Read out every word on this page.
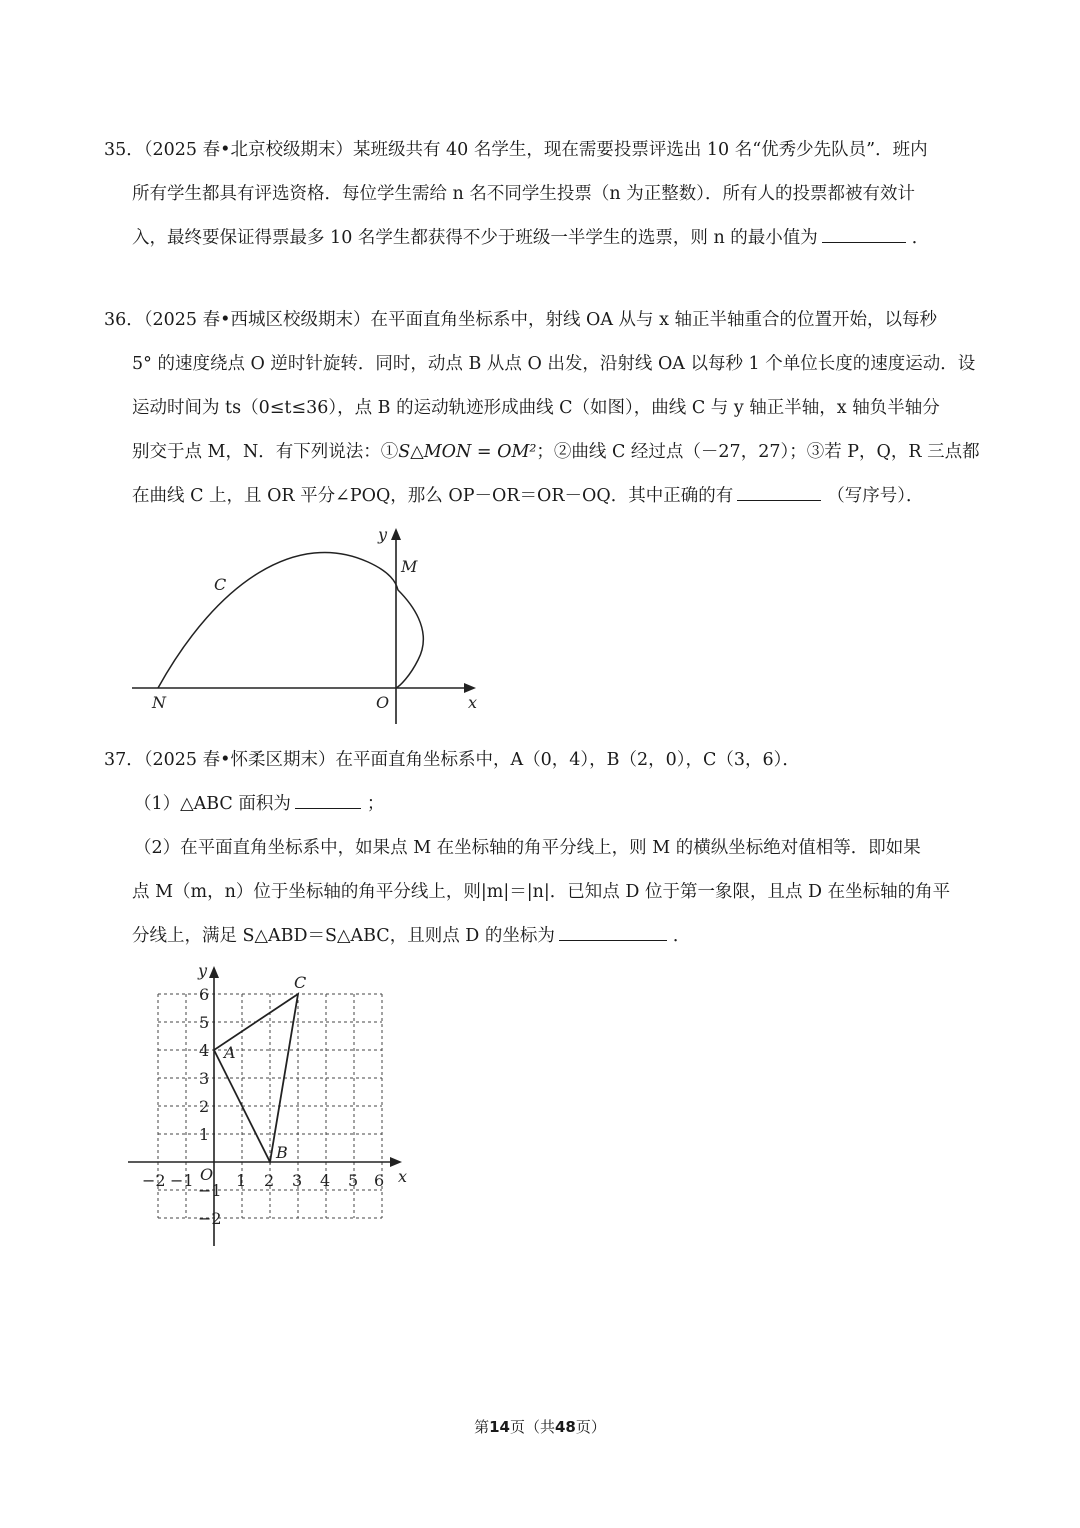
35．（2025 春•北京校级期末）某班级共有 40 名学生，现在需要投票评选出 10 名“优秀少先队员”．班内
所有学生都具有评选资格．每位学生需给 n 名不同学生投票（n 为正整数）．所有人的投票都被有效计
入，最终要保证得票最多 10 名学生都获得不少于班级一半学生的选票，则 n 的最小值为	．
36．（2025 春•西城区校级期末）在平面直角坐标系中，射线 OA 从与 x 轴正半轴重合的位置开始，以每秒
5° 的速度绕点 O 逆时针旋转．同时，动点 B 从点 O 出发，沿射线 OA 以每秒 1 个单位长度的速度运动．设
运动时间为 ts（0≤t≤36），点 B 的运动轨迹形成曲线 C（如图），曲线 C 与 y 轴正半轴，x 轴负半轴分
别交于点 M，N．有下列说法：①S△MON = OM²；②曲线 C 经过点（－27，27）；③若 P，Q，R 三点都
在曲线 C 上，且 OR 平分∠POQ，那么 OP－OR＝OR－OQ．其中正确的有	（写序号）．
y
M
C
N	O	x
37．（2025 春•怀柔区期末）在平面直角坐标系中，A（0，4），B（2，0），C（3，6）．
（1）△ABC 面积为	；
（2）在平面直角坐标系中，如果点 M 在坐标轴的角平分线上，则 M 的横纵坐标绝对值相等．即如果
点 M（m，n）位于坐标轴的角平分线上，则|m|＝|n|．已知点 D 位于第一象限，且点 D 在坐标轴的角平
分线上，满足 S△ABD＝S△ABC，且则点 D 的坐标为	．
y
x
C
A
B
O
−2 −1	1 2 3 4 5 6
6
5
4
3
2
1
−1
−2
第14页（共48页）
